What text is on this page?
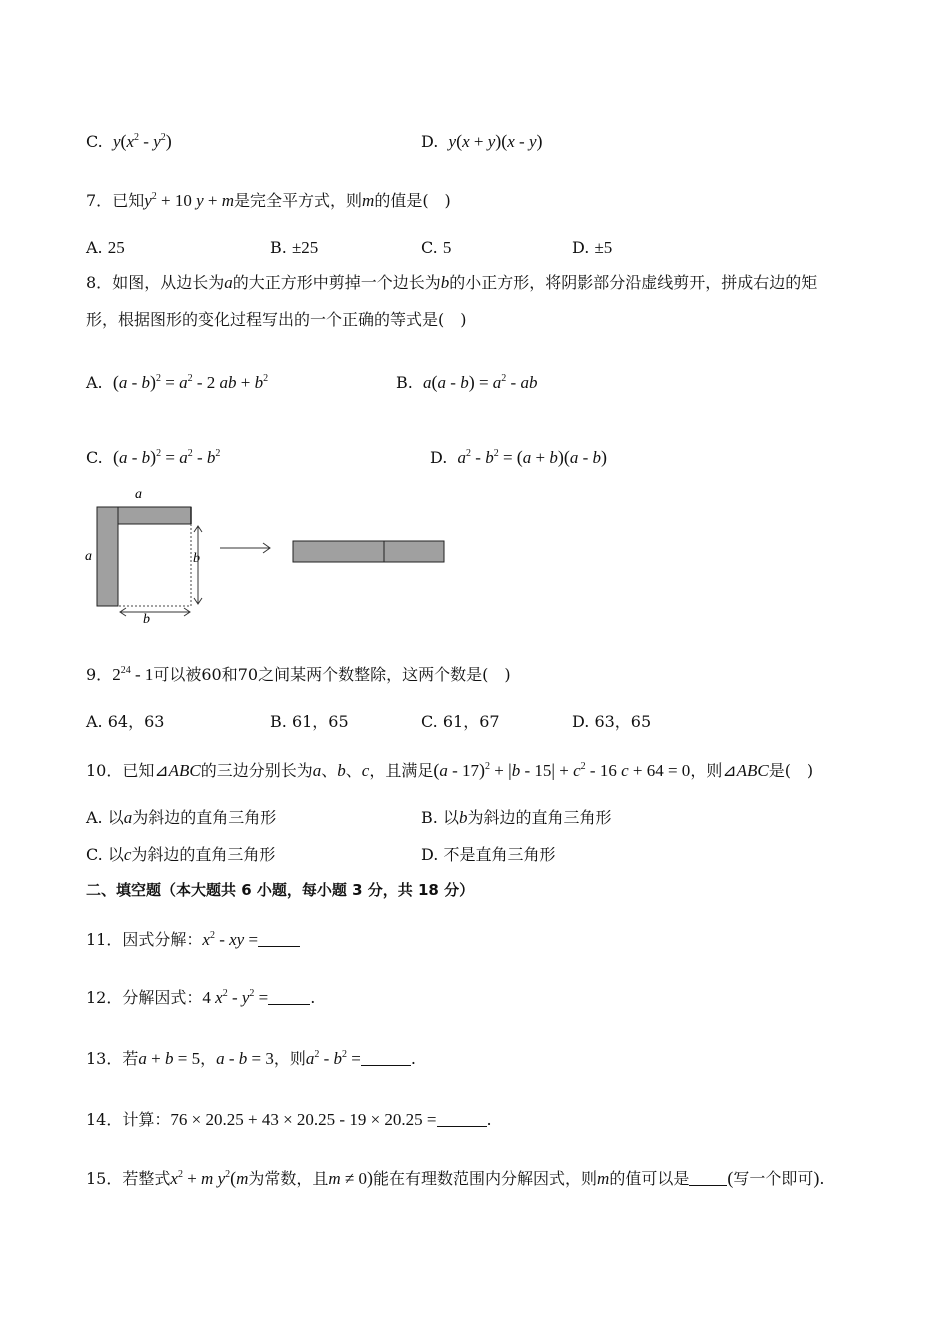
C. $y(x^2 - y^2)$	D. y(x + y)(x - y)
7．已知$y^2 + 10$ y + m是完全平方式，则m的值是(　)
A. 25	B. ±25	C. 5	D. ±5
8．如图，从边长为a的大正方形中剪掉一个边长为b的小正方形，将阴影部分沿虚线剪开，拼成右边的矩
形，根据图形的变化过程写出的一个正确的等式是(　)
A. $(a - b)^2 = a^2 - 2$ ab + $b^2$	B. $a(a - b) = a^2$ - ab
C. $(a - b)^2 = a^2 - b^2$	D. $a^2 - b^2 = (a + b)(a - b)$
a
a	b
b
9．$2^{24} - 1$可以被60和70之间某两个数整除，这两个数是(　)
A. 64，63	B. 61，65	C. 61，67	D. 63，65
10．已知⊿ABC的三边分别长为a、b、c，且满足$(a - 17)^2 + |b - 15| + c^2 - 16$ c + 64 = 0，则⊿ABC是(　)
A. 以a为斜边的直角三角形	B. 以b为斜边的直角三角形
C. 以c为斜边的直角三角形	D. 不是直角三角形
二、填空题（本大题共 6 小题，每小题 3 分，共 18 分）
11．因式分解：$x^2$ - xy =
12．分解因式：4 $x^2 - y^2$ =	.
13．若a + b = 5，a - b = 3，则$a^2 - b^2$ =	.
14．计算：76 × 20.25 + 43 × 20.25 - 19 × 20.25 =	.
15．若整式$x^2 + m$ $y^2(m$为常数，且m ≠ 0)能在有理数范围内分解因式，则m的值可以是 (写一个即可).
